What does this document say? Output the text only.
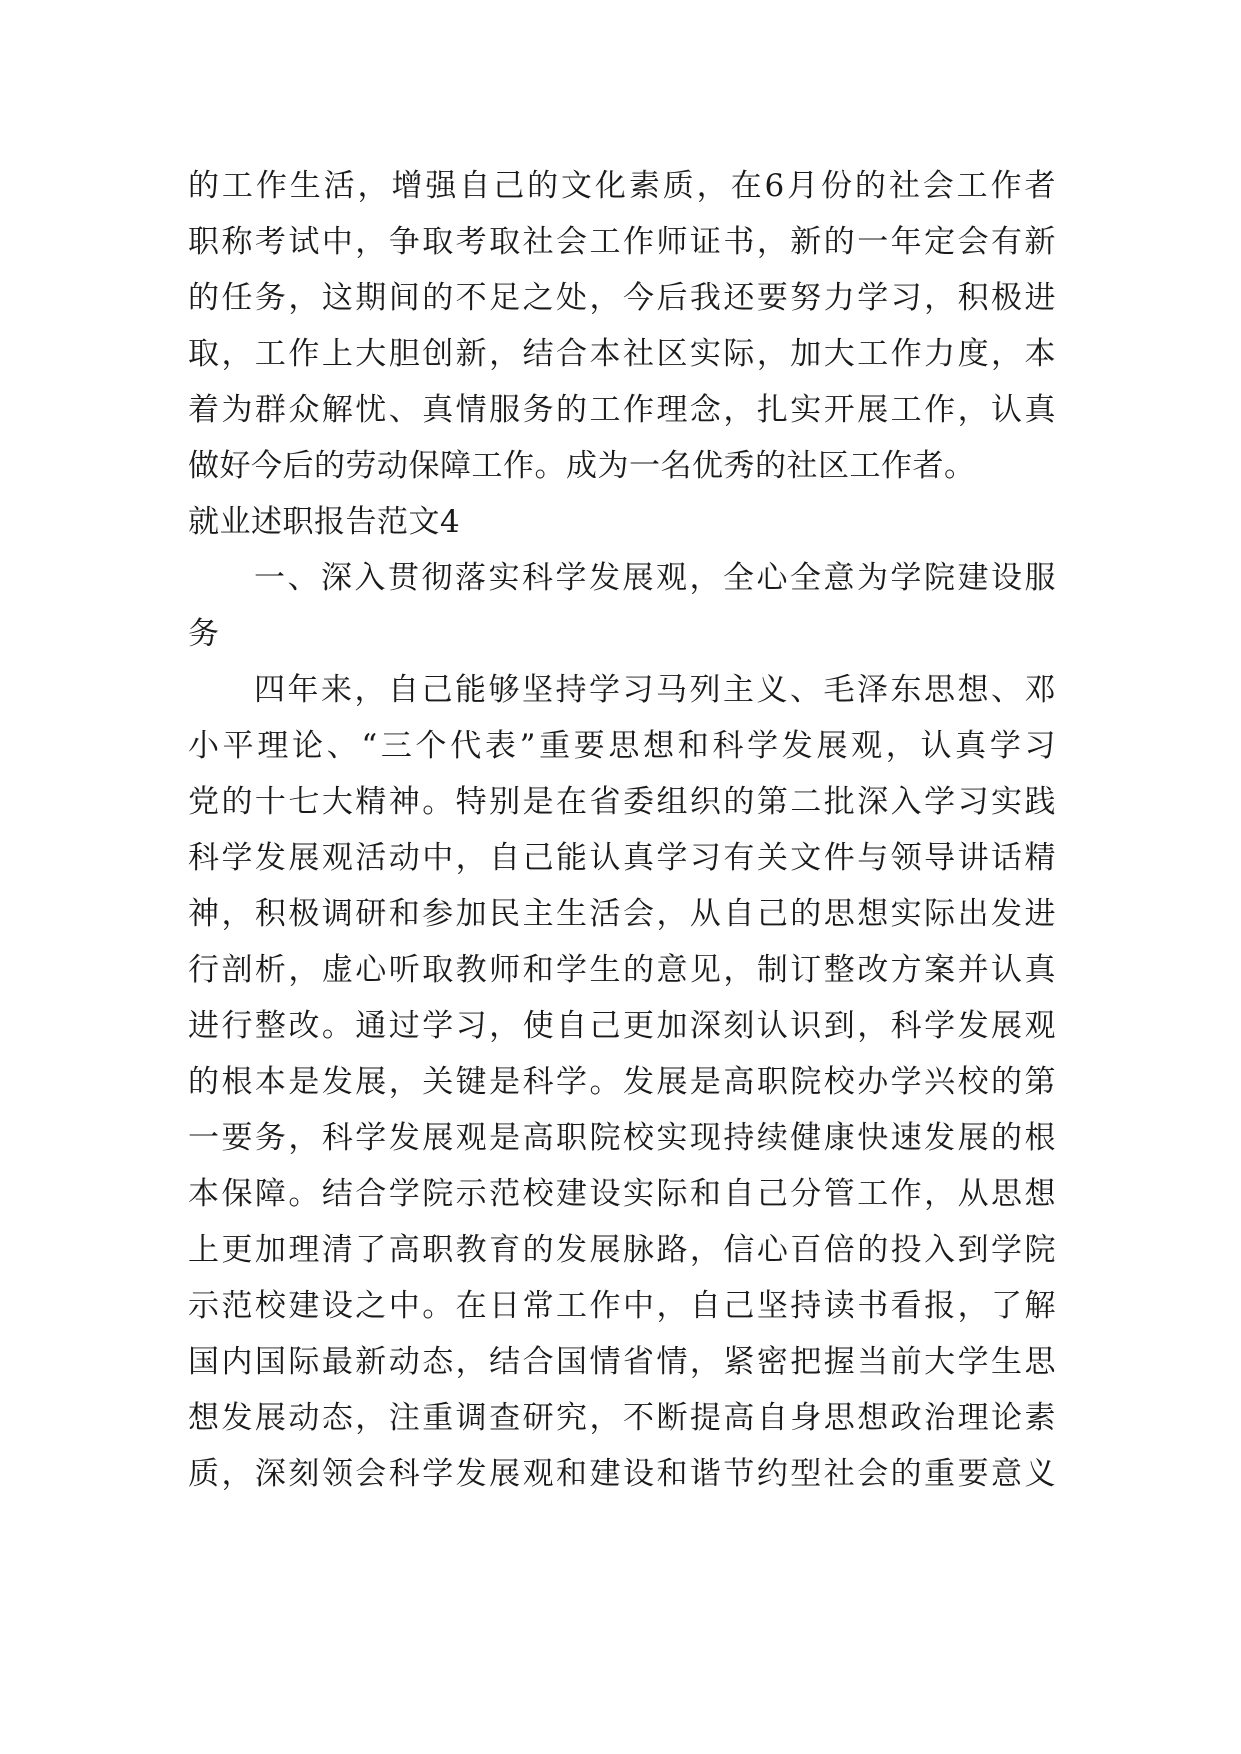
的工作生活，增强自己的文化素质，在6月份的社会工作者
职称考试中，争取考取社会工作师证书，新的一年定会有新
的任务，这期间的不足之处，今后我还要努力学习，积极进
取，工作上大胆创新，结合本社区实际，加大工作力度，本
着为群众解忧、真情服务的工作理念，扎实开展工作，认真
做好今后的劳动保障工作。成为一名优秀的社区工作者。
就业述职报告范文4
一、深入贯彻落实科学发展观，全心全意为学院建设服
务
四年来，自己能够坚持学习马列主义、毛泽东思想、邓
小平理论、“三个代表”重要思想和科学发展观，认真学习
党的十七大精神。特别是在省委组织的第二批深入学习实践
科学发展观活动中，自己能认真学习有关文件与领导讲话精
神，积极调研和参加民主生活会，从自己的思想实际出发进
行剖析，虚心听取教师和学生的意见，制订整改方案并认真
进行整改。通过学习，使自己更加深刻认识到，科学发展观
的根本是发展，关键是科学。发展是高职院校办学兴校的第
一要务，科学发展观是高职院校实现持续健康快速发展的根
本保障。结合学院示范校建设实际和自己分管工作，从思想
上更加理清了高职教育的发展脉路，信心百倍的投入到学院
示范校建设之中。在日常工作中，自己坚持读书看报，了解
国内国际最新动态，结合国情省情，紧密把握当前大学生思
想发展动态，注重调查研究，不断提高自身思想政治理论素
质，深刻领会科学发展观和建设和谐节约型社会的重要意义
